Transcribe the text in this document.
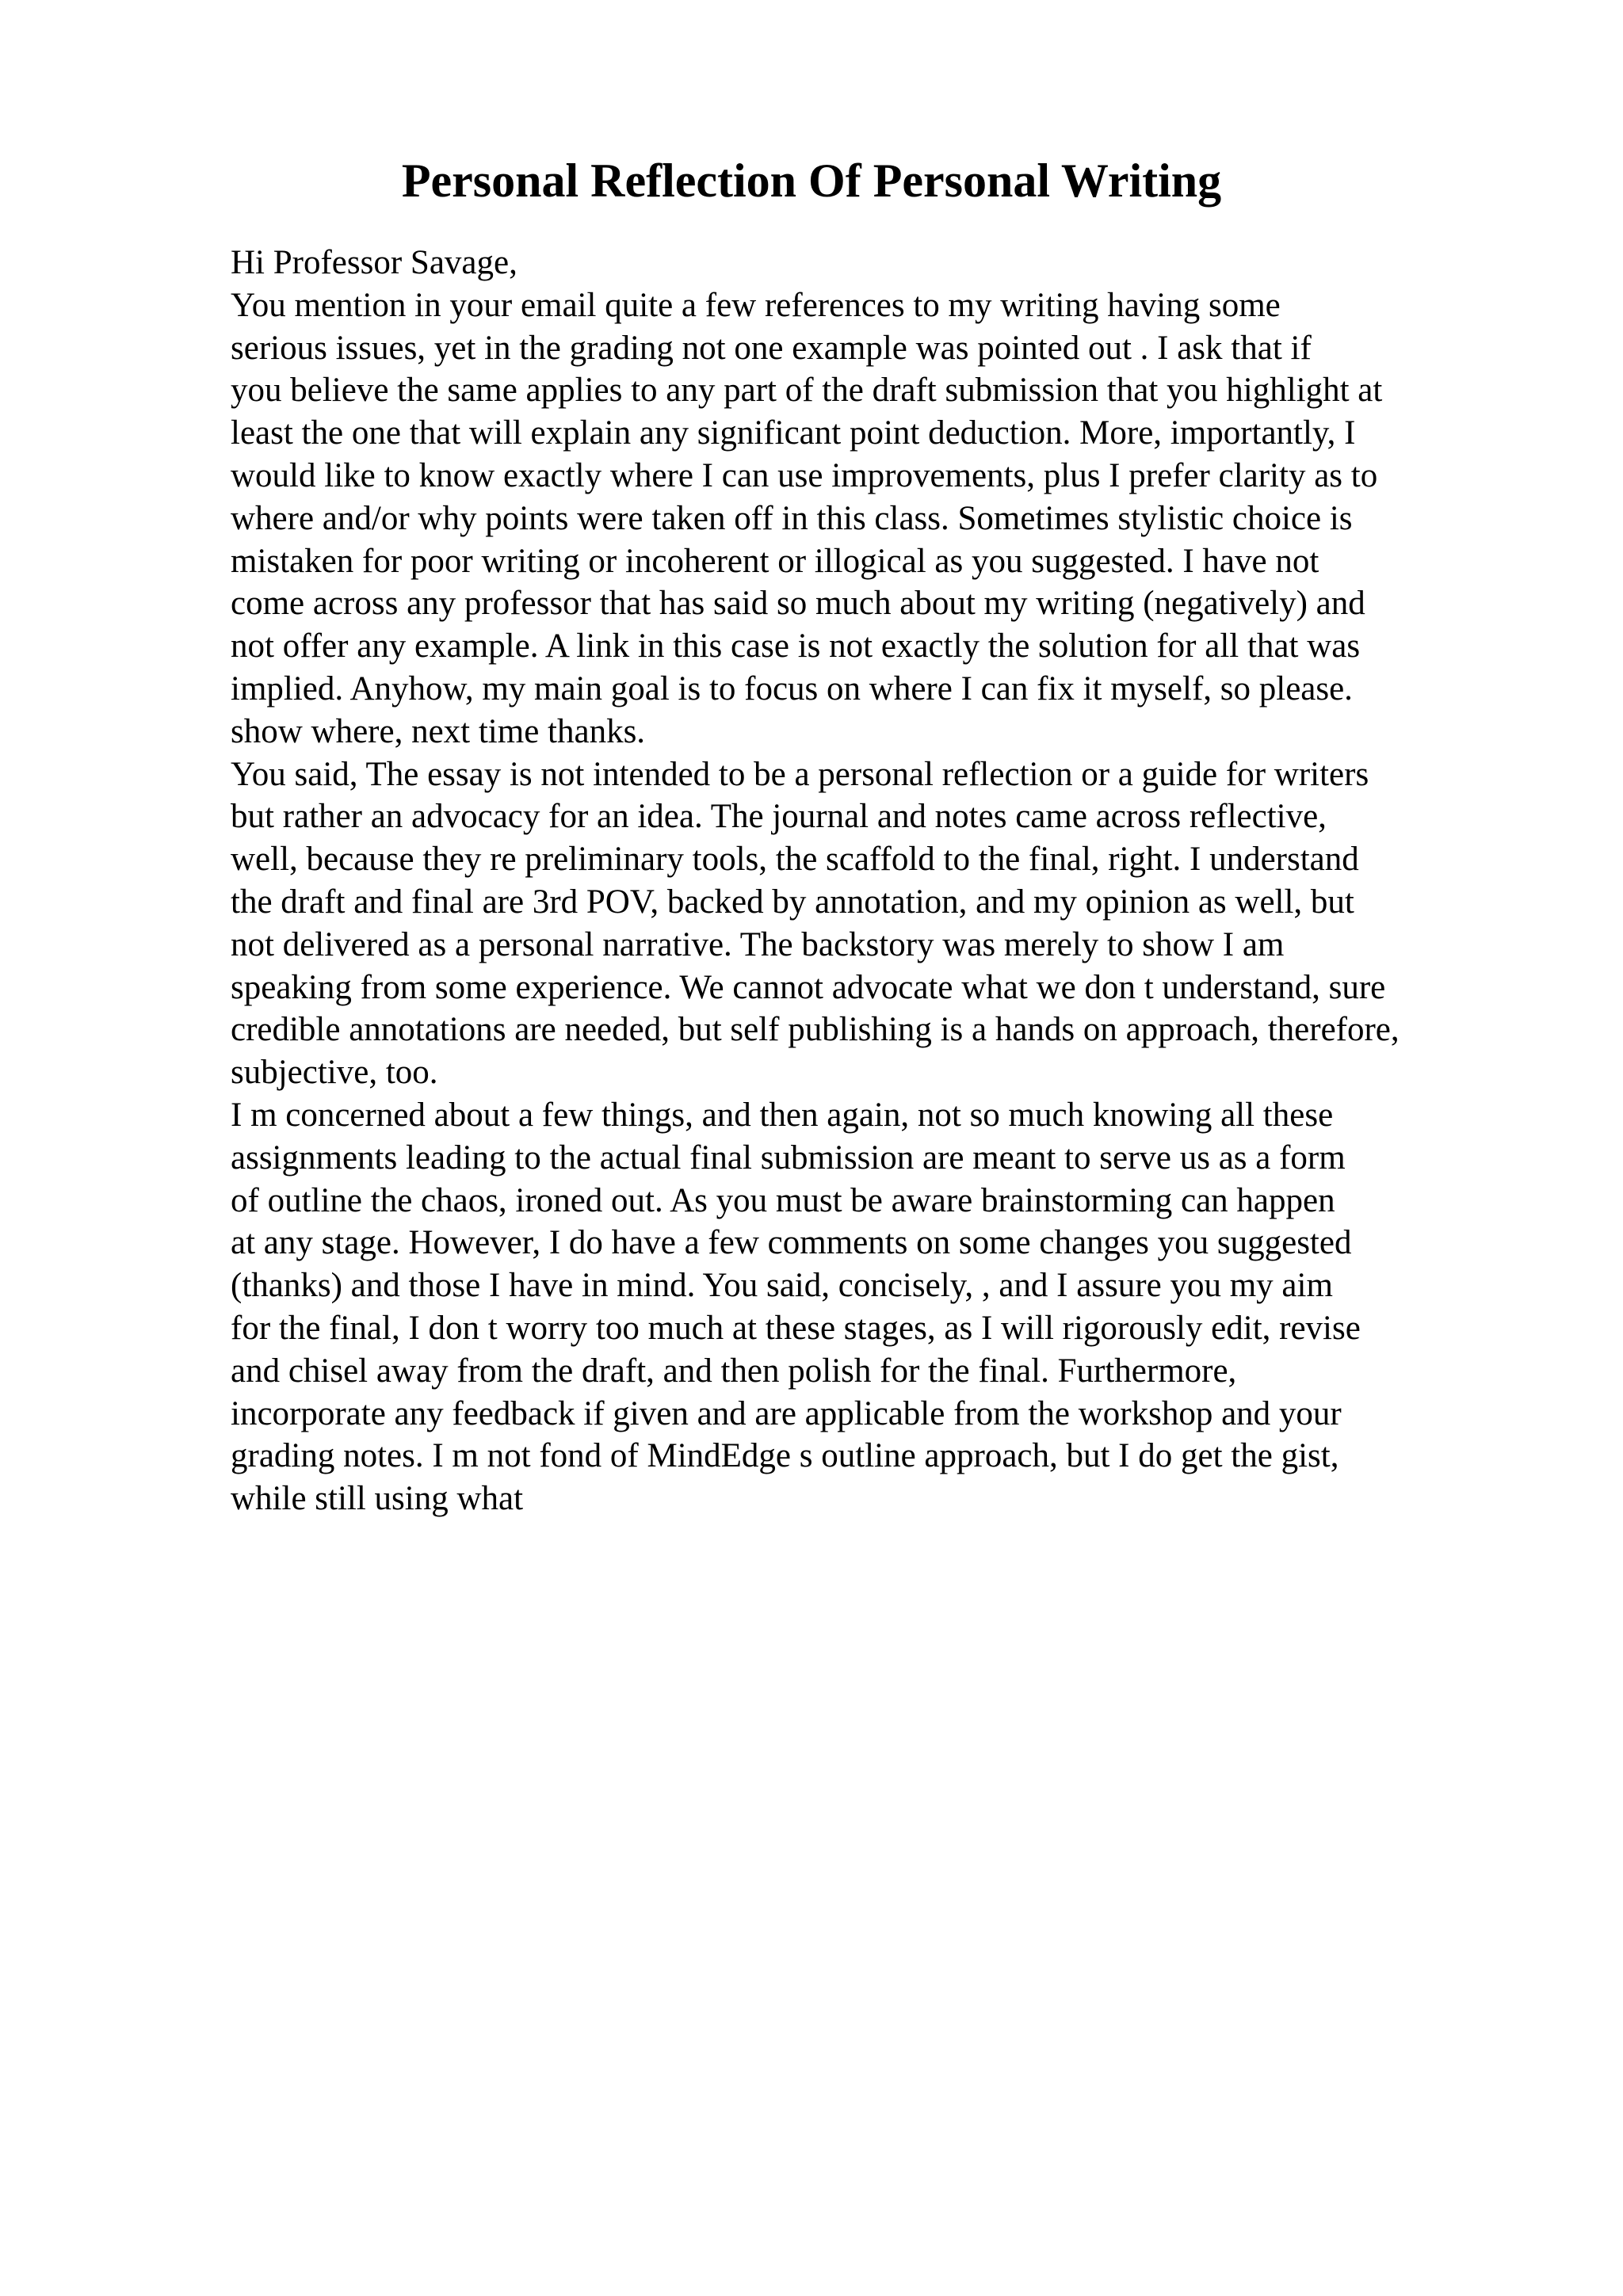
Personal Reflection Of Personal Writing
Hi Professor Savage,
You mention in your email quite a few references to my writing having some
serious issues, yet in the grading not one example was pointed out . I ask that if
you believe the same applies to any part of the draft submission that you highlight at
least the one that will explain any significant point deduction. More, importantly, I
would like to know exactly where I can use improvements, plus I prefer clarity as to
where and/or why points were taken off in this class. Sometimes stylistic choice is
mistaken for poor writing or incoherent or illogical as you suggested. I have not
come across any professor that has said so much about my writing (negatively) and
not offer any example. A link in this case is not exactly the solution for all that was
implied. Anyhow, my main goal is to focus on where I can fix it myself, so please.
show where, next time thanks.
You said, The essay is not intended to be a personal reflection or a guide for writers
but rather an advocacy for an idea. The journal and notes came across reflective,
well, because they re preliminary tools, the scaffold to the final, right. I understand
the draft and final are 3rd POV, backed by annotation, and my opinion as well, but
not delivered as a personal narrative. The backstory was merely to show I am
speaking from some experience. We cannot advocate what we don t understand, sure
credible annotations are needed, but self publishing is a hands on approach, therefore,
subjective, too.
I m concerned about a few things, and then again, not so much knowing all these
assignments leading to the actual final submission are meant to serve us as a form
of outline the chaos, ironed out. As you must be aware brainstorming can happen
at any stage. However, I do have a few comments on some changes you suggested
(thanks) and those I have in mind. You said, concisely, , and I assure you my aim
for the final, I don t worry too much at these stages, as I will rigorously edit, revise
and chisel away from the draft, and then polish for the final. Furthermore,
incorporate any feedback if given and are applicable from the workshop and your
grading notes. I m not fond of MindEdge s outline approach, but I do get the gist,
while still using what
